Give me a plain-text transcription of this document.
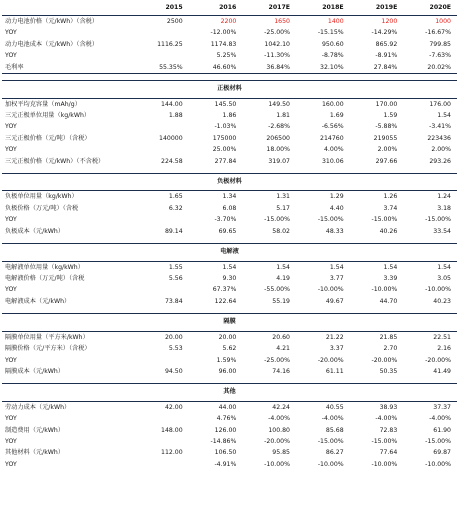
	2015	2016	2017E	2018E	2019E	2020E
动力电池价格（元/kWh）（含税）	2500	2200	1650	1400	1200	1000
YOY		-12.00%	-25.00%	-15.15%	-14.29%	-16.67%
动力电池成本（元/kWh）（含税）	1116.25	1174.83	1042.10	950.60	865.92	799.85
YOY		5.25%	-11.30%	-8.78%	-8.91%	-7.63%
毛利率	55.35%	46.60%	36.84%	32.10%	27.84%	20.02%

正极材料						
加权平均克容量（mAh/g）	144.00	145.50	149.50	160.00	170.00	176.00
三元正极单位用量（kg/kWh）	1.88	1.86	1.81	1.69	1.59	1.54
YOY		-1.03%	-2.68%	-6.56%	-5.88%	-3.41%
三元正极价格（元/吨）（含税）	140000	175000	206500	214760	219055	223436
YOY		25.00%	18.00%	4.00%	2.00%	2.00%
三元正极价格（元/kWh）（不含税）	224.58	277.84	319.07	310.06	297.66	293.26

负极材料						
负极单位用量（kg/kWh）	1.65	1.34	1.31	1.29	1.26	1.24
负极价格（万元/吨）（含税	6.32	6.08	5.17	4.40	3.74	3.18
YOY		-3.70%	-15.00%	-15.00%	-15.00%	-15.00%
负极成本（元/kWh）	89.14	69.65	58.02	48.33	40.26	33.54

电解液						
电解液单位用量（kg/kWh）	1.55	1.54	1.54	1.54	1.54	1.54
电解液价格（万元/吨）（含税	5.56	9.30	4.19	3.77	3.39	3.05
YOY		67.37%	-55.00%	-10.00%	-10.00%	-10.00%
电解液成本（元/kWh）	73.84	122.64	55.19	49.67	44.70	40.23

隔膜						
隔膜单位用量（平方米/kWh）	20.00	20.00	20.60	21.22	21.85	22.51
隔膜价格（元/平方米）（含税）	5.53	5.62	4.21	3.37	2.70	2.16
YOY		1.59%	-25.00%	-20.00%	-20.00%	-20.00%
隔膜成本（元/kWh）	94.50	96.00	74.16	61.11	50.35	41.49

其他						
劳动力成本（元/kWh）	42.00	44.00	42.24	40.55	38.93	37.37
YOY		4.76%	-4.00%	-4.00%	-4.00%	-4.00%
制造费用（元/kWh）	148.00	126.00	100.80	85.68	72.83	61.90
YOY		-14.86%	-20.00%	-15.00%	-15.00%	-15.00%
其他材料（元/kWh）	112.00	106.50	95.85	86.27	77.64	69.87
YOY		-4.91%	-10.00%	-10.00%	-10.00%	-10.00%
